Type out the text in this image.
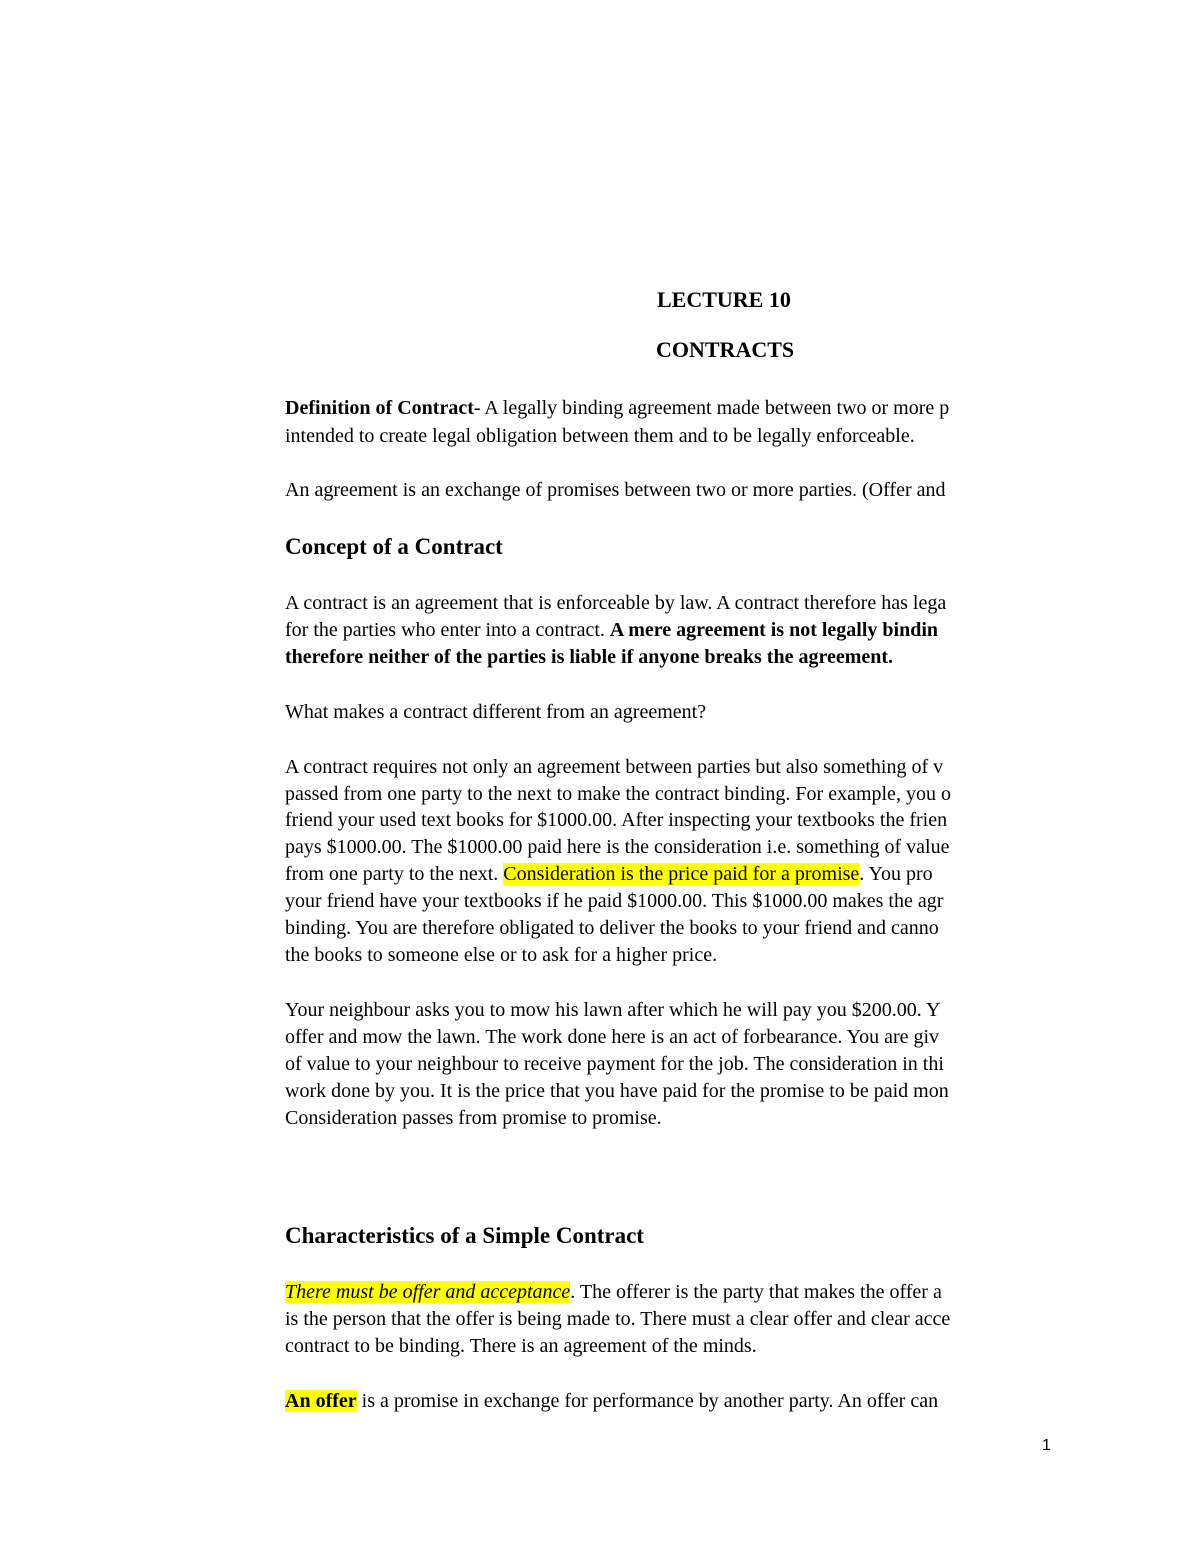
LECTURE 10
CONTRACTS
Definition of Contract- A legally binding agreement made between two or more p
intended to create legal obligation between them and to be legally enforceable.
An agreement is an exchange of promises between two or more parties. (Offer and
Concept of a Contract
A contract is an agreement that is enforceable by law. A contract therefore has lega
for the parties who enter into a contract. A mere agreement is not legally bindin
therefore neither of the parties is liable if anyone breaks the agreement.
What makes a contract different from an agreement?
A contract requires not only an agreement between parties but also something of v
passed from one party to the next to make the contract binding. For example, you o
friend your used text books for $1000.00. After inspecting your textbooks the frien
pays $1000.00. The $1000.00 paid here is the consideration i.e. something of value
from one party to the next. Consideration is the price paid for a promise. You pro
your friend have your textbooks if he paid $1000.00. This $1000.00 makes the agr
binding. You are therefore obligated to deliver the books to your friend and canno
the books to someone else or to ask for a higher price.
Your neighbour asks you to mow his lawn after which he will pay you $200.00. Y
offer and mow the lawn. The work done here is an act of forbearance. You are giv
of value to your neighbour to receive payment for the job. The consideration in thi
work done by you. It is the price that you have paid for the promise to be paid mon
Consideration passes from promise to promise.
Characteristics of a Simple Contract
There must be offer and acceptance. The offerer is the party that makes the offer a
is the person that the offer is being made to. There must a clear offer and clear acce
contract to be binding. There is an agreement of the minds.
An offer is a promise in exchange for performance by another party. An offer can
1
